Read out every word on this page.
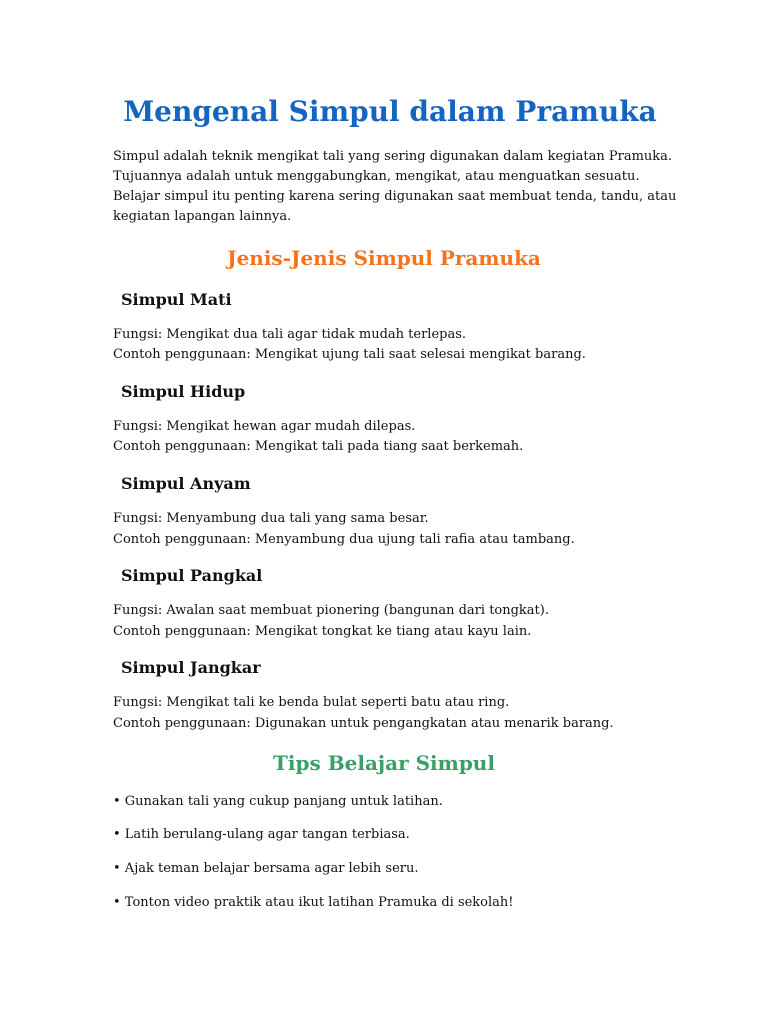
Mengenal Simpul dalam Pramuka
Simpul adalah teknik mengikat tali yang sering digunakan dalam kegiatan Pramuka.
Tujuannya adalah untuk menggabungkan, mengikat, atau menguatkan sesuatu.
Belajar simpul itu penting karena sering digunakan saat membuat tenda, tandu, atau
kegiatan lapangan lainnya.
Jenis-Jenis Simpul Pramuka
Simpul Mati
Fungsi: Mengikat dua tali agar tidak mudah terlepas.
Contoh penggunaan: Mengikat ujung tali saat selesai mengikat barang.
Simpul Hidup
Fungsi: Mengikat hewan agar mudah dilepas.
Contoh penggunaan: Mengikat tali pada tiang saat berkemah.
Simpul Anyam
Fungsi: Menyambung dua tali yang sama besar.
Contoh penggunaan: Menyambung dua ujung tali rafia atau tambang.
Simpul Pangkal
Fungsi: Awalan saat membuat pionering (bangunan dari tongkat).
Contoh penggunaan: Mengikat tongkat ke tiang atau kayu lain.
Simpul Jangkar
Fungsi: Mengikat tali ke benda bulat seperti batu atau ring.
Contoh penggunaan: Digunakan untuk pengangkatan atau menarik barang.
Tips Belajar Simpul
• Gunakan tali yang cukup panjang untuk latihan.
• Latih berulang-ulang agar tangan terbiasa.
• Ajak teman belajar bersama agar lebih seru.
• Tonton video praktik atau ikut latihan Pramuka di sekolah!
